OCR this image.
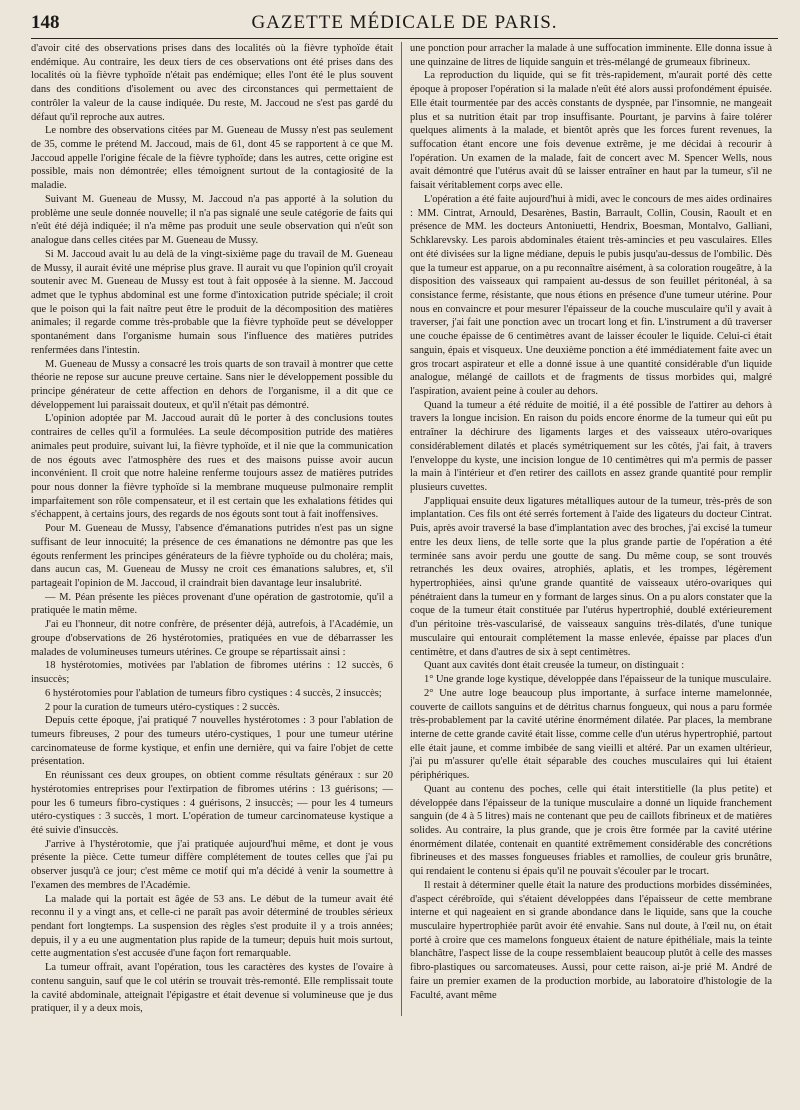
148	GAZETTE MÉDICALE DE PARIS.

d'avoir cité des observations prises dans des localités où la fièvre typhoïde était endémique. Au contraire, les deux tiers de ces observations ont été prises dans des localités où la fièvre typhoïde n'était pas endémique; elles l'ont été le plus souvent dans des conditions d'isolement ou avec des circonstances qui permettaient de contrôler la valeur de la cause indiquée. Du reste, M. Jaccoud ne s'est pas gardé du défaut qu'il reproche aux autres.

Le nombre des observations citées par M. Gueneau de Mussy n'est pas seulement de 35, comme le prétend M. Jaccoud, mais de 61, dont 45 se rapportent à ce que M. Jaccoud appelle l'origine fécale de la fièvre typhoïde; dans les autres, cette origine est possible, mais non démontrée; elles témoignent surtout de la contagiosité de la maladie.

Suivant M. Gueneau de Mussy, M. Jaccoud n'a pas apporté à la solution du problème une seule donnée nouvelle; il n'a pas signalé une seule catégorie de faits qui n'eût été déjà indiquée; il n'a même pas produit une seule observation qui n'eût son analogue dans celles citées par M. Gueneau de Mussy.

Si M. Jaccoud avait lu au delà de la vingt-sixième page du travail de M. Gueneau de Mussy, il aurait évité une méprise plus grave. Il aurait vu que l'opinion qu'il croyait soutenir avec M. Gueneau de Mussy est tout à fait opposée à la sienne. M. Jaccoud admet que le typhus abdominal est une forme d'intoxication putride spéciale; il croit que le poison qui la fait naître peut être le produit de la décomposition des matières animales; il regarde comme très-probable que la fièvre typhoïde peut se développer spontanément dans l'organisme humain sous l'influence des matières putrides renfermées dans l'intestin.

M. Gueneau de Mussy a consacré les trois quarts de son travail à montrer que cette théorie ne repose sur aucune preuve certaine. Sans nier le développement possible du principe générateur de cette affection en dehors de l'organisme, il a dit que ce développement lui paraissait douteux, et qu'il n'était pas démontré.

L'opinion adoptée par M. Jaccoud aurait dû le porter à des conclusions toutes contraires de celles qu'il a formulées. La seule décomposition putride des matières animales peut produire, suivant lui, la fièvre typhoïde, et il nie que la communication de nos égouts avec l'atmosphère des rues et des maisons puisse avoir aucun inconvénient. Il croit que notre haleine renferme toujours assez de matières putrides pour nous donner la fièvre typhoïde si la membrane muqueuse pulmonaire remplit imparfaitement son rôle compensateur, et il est certain que les exhalations fétides qui s'échappent, à certains jours, des regards de nos égouts sont tout à fait inoffensives.

Pour M. Gueneau de Mussy, l'absence d'émanations putrides n'est pas un signe suffisant de leur innocuité; la présence de ces émanations ne démontre pas que les égouts renferment les principes générateurs de la fièvre typhoïde ou du choléra; mais, dans aucun cas, M. Gueneau de Mussy ne croit ces émanations salubres, et, s'il partageait l'opinion de M. Jaccoud, il craindrait bien davantage leur insalubrité.

— M. Péan présente les pièces provenant d'une opération de gastrotomie, qu'il a pratiquée le matin même.

J'ai eu l'honneur, dit notre confrère, de présenter déjà, autrefois, à l'Académie, un groupe d'observations de 26 hystérotomies, pratiquées en vue de débarrasser les malades de volumineuses tumeurs utérines. Ce groupe se répartissait ainsi :

18 hystérotomies, motivées par l'ablation de fibromes utérins : 12 succès, 6 insuccès;

6 hystérotomies pour l'ablation de tumeurs fibro cystiques : 4 succès, 2 insuccès;

2 pour la curation de tumeurs utéro-cystiques : 2 succès.

Depuis cette époque, j'ai pratiqué 7 nouvelles hystérotomes : 3 pour l'ablation de tumeurs fibreuses, 2 pour des tumeurs utéro-cystiques, 1 pour une tumeur utérine carcinomateuse de forme kystique, et enfin une dernière, qui va faire l'objet de cette présentation.

En réunissant ces deux groupes, on obtient comme résultats généraux : sur 20 hystérotomies entreprises pour l'extirpation de fibromes utérins : 13 guérisons; — pour les 6 tumeurs fibro-cystiques : 4 guérisons, 2 insuccès; — pour les 4 tumeurs utéro-cystiques : 3 succès, 1 mort. L'opération de tumeur carcinomateuse kystique a été suivie d'insuccès.

J'arrive à l'hystérotomie, que j'ai pratiquée aujourd'hui même, et dont je vous présente la pièce. Cette tumeur diffère complétement de toutes celles que j'ai pu observer jusqu'à ce jour; c'est même ce motif qui m'a décidé à venir la soumettre à l'examen des membres de l'Académie.

La malade qui la portait est âgée de 53 ans. Le début de la tumeur avait été reconnu il y a vingt ans, et celle-ci ne paraît pas avoir déterminé de troubles sérieux pendant fort longtemps. La suspension des règles s'est produite il y a trois années; depuis, il y a eu une augmentation plus rapide de la tumeur; depuis huit mois surtout, cette augmentation s'est accusée d'une façon fort remarquable.

La tumeur offrait, avant l'opération, tous les caractères des kystes de l'ovaire à contenu sanguin, sauf que le col utérin se trouvait très-remonté. Elle remplissait toute la cavité abdominale, atteignait l'épigastre et était devenue si volumineuse que je dus pratiquer, il y a deux mois,

une ponction pour arracher la malade à une suffocation imminente. Elle donna issue à une quinzaine de litres de liquide sanguin et très-mélangé de grumeaux fibrineux.

La reproduction du liquide, qui se fit très-rapidement, m'aurait porté dès cette époque à proposer l'opération si la malade n'eût été alors aussi profondément épuisée. Elle était tourmentée par des accès constants de dyspnée, par l'insomnie, ne mangeait plus et sa nutrition était par trop insuffisante. Pourtant, je parvins à faire tolérer quelques aliments à la malade, et bientôt après que les forces furent revenues, la suffocation étant encore une fois devenue extrême, je me décidai à recourir à l'opération. Un examen de la malade, fait de concert avec M. Spencer Wells, nous avait démontré que l'utérus avait dû se laisser entraîner en haut par la tumeur, s'il ne faisait véritablement corps avec elle.

L'opération a été faite aujourd'hui à midi, avec le concours de mes aides ordinaires : MM. Cintrat, Arnould, Desarènes, Bastin, Barrault, Collin, Cousin, Raoult et en présence de MM. les docteurs Antoniuetti, Hendrix, Boesman, Montalvo, Galliani, Schklarevsky. Les parois abdominales étaient très-amincies et peu vasculaires. Elles ont été divisées sur la ligne médiane, depuis le pubis jusqu'au-dessus de l'ombilic. Dès que la tumeur est apparue, on a pu reconnaître aisément, à sa coloration rougeâtre, à la disposition des vaisseaux qui rampaient au-dessus de son feuillet péritonéal, à sa consistance ferme, résistante, que nous étions en présence d'une tumeur utérine. Pour nous en convaincre et pour mesurer l'épaisseur de la couche musculaire qu'il y avait à traverser, j'ai fait une ponction avec un trocart long et fin. L'instrument a dû traverser une couche épaisse de 6 centimètres avant de laisser écouler le liquide. Celui-ci était sanguin, épais et visqueux. Une deuxième ponction a été immédiatement faite avec un gros trocart aspirateur et elle a donné issue à une quantité considérable d'un liquide analogue, mélangé de caillots et de fragments de tissus morbides qui, malgré l'aspiration, avaient peine à couler au dehors.

Quand la tumeur a été réduite de moitié, il a été possible de l'attirer au dehors à travers la longue incision. En raison du poids encore énorme de la tumeur qui eût pu entraîner la déchirure des ligaments larges et des vaisseaux utéro-ovariques considérablement dilatés et placés symétriquement sur les côtés, j'ai fait, à travers l'enveloppe du kyste, une incision longue de 10 centimètres qui m'a permis de passer la main à l'intérieur et d'en retirer des caillots en assez grande quantité pour remplir plusieurs cuvettes.

J'appliquai ensuite deux ligatures métalliques autour de la tumeur, très-près de son implantation. Ces fils ont été serrés fortement à l'aide des ligateurs du docteur Cintrat. Puis, après avoir traversé la base d'implantation avec des broches, j'ai excisé la tumeur entre les deux liens, de telle sorte que la plus grande partie de l'opération a été terminée sans avoir perdu une goutte de sang. Du même coup, se sont trouvés retranchés les deux ovaires, atrophiés, aplatis, et les trompes, légèrement hypertrophiées, ainsi qu'une grande quantité de vaisseaux utéro-ovariques qui pénétraient dans la tumeur en y formant de larges sinus. On a pu alors constater que la coque de la tumeur était constituée par l'utérus hypertrophié, doublé extérieurement d'un péritoine très-vascularisé, de vaisseaux sanguins très-dilatés, d'une tunique musculaire qui entourait complétement la masse enlevée, épaisse par places d'un centimètre, et dans d'autres de six à sept centimètres.

Quant aux cavités dont était creusée la tumeur, on distinguait :

1° Une grande loge kystique, développée dans l'épaisseur de la tunique musculaire.

2° Une autre loge beaucoup plus importante, à surface interne mamelonnée, couverte de caillots sanguins et de détritus charnus fongueux, qui nous a paru formée très-probablement par la cavité utérine énormément dilatée. Par places, la membrane interne de cette grande cavité était lisse, comme celle d'un utérus hypertrophié, partout elle était jaune, et comme imbibée de sang vieilli et altéré. Par un examen ultérieur, j'ai pu m'assurer qu'elle était séparable des couches musculaires qui lui étaient périphériques.

Quant au contenu des poches, celle qui était interstitielle (la plus petite) et développée dans l'épaisseur de la tunique musculaire a donné un liquide franchement sanguin (de 4 à 5 litres) mais ne contenant que peu de caillots fibrineux et de matières solides. Au contraire, la plus grande, que je crois être formée par la cavité utérine énormément dilatée, contenait en quantité extrêmement considérable des concrétions fibrineuses et des masses fongueuses friables et ramollies, de couleur gris brunâtre, qui rendaient le contenu si épais qu'il ne pouvait s'écouler par le trocart.

Il restait à déterminer quelle était la nature des productions morbides disséminées, d'aspect cérébroïde, qui s'étaient développées dans l'épaisseur de cette membrane interne et qui nageaient en si grande abondance dans le liquide, sans que la couche musculaire hypertrophiée parût avoir été envahie. Sans nul doute, à l'œil nu, on était porté à croire que ces mamelons fongueux étaient de nature épithéliale, mais la teinte blanchâtre, l'aspect lisse de la coupe ressemblaient beaucoup plutôt à celle des masses fibro-plastiques ou sarcomateuses. Aussi, pour cette raison, ai-je prié M. André de faire un premier examen de la production morbide, au laboratoire d'histologie de la Faculté, avant même
